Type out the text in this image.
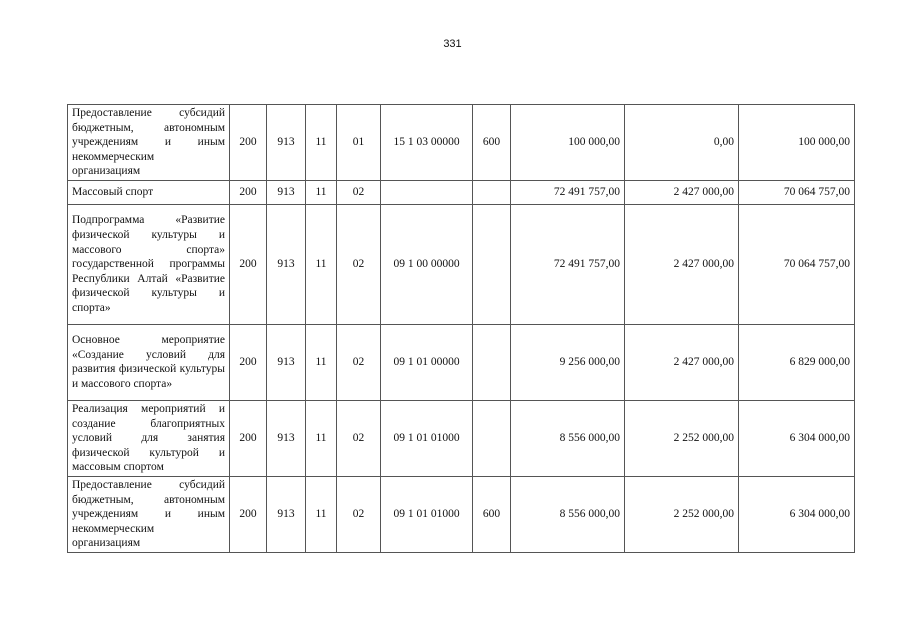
331
Предоставление субсидий бюджетным, автономным учреждениям и иным некоммерческим организациям	200	913	11	01	15 1 03 00000	600	100 000,00	0,00	100 000,00
Массовый спорт	200	913	11	02			72 491 757,00	2 427 000,00	70 064 757,00
Подпрограмма «Развитие физической культуры и массового спорта» государственной программы Республики Алтай «Развитие физической культуры и спорта»	200	913	11	02	09 1 00 00000		72 491 757,00	2 427 000,00	70 064 757,00
Основное мероприятие «Создание условий для развития физической культуры и массового спорта»	200	913	11	02	09 1 01 00000		9 256 000,00	2 427 000,00	6 829 000,00
Реализация мероприятий и создание благоприятных условий для занятия физической культурой и массовым спортом	200	913	11	02	09 1 01 01000		8 556 000,00	2 252 000,00	6 304 000,00
Предоставление субсидий бюджетным, автономным учреждениям и иным некоммерческим организациям	200	913	11	02	09 1 01 01000	600	8 556 000,00	2 252 000,00	6 304 000,00
